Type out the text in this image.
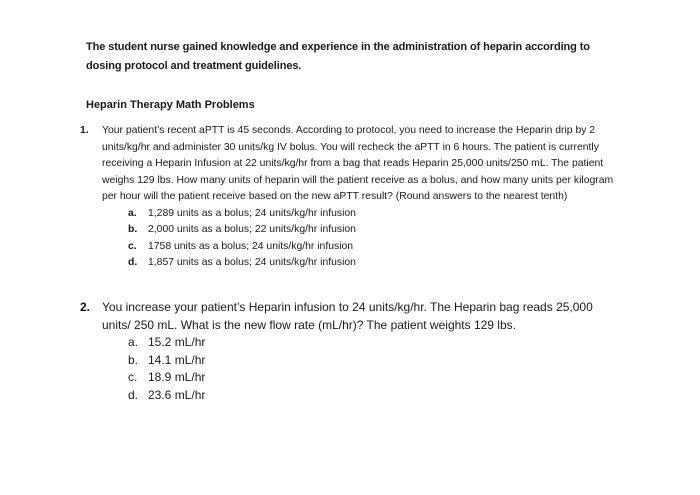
The student nurse gained knowledge and experience in the administration of heparin according to dosing protocol and treatment guidelines.
Heparin Therapy Math Problems
1.	Your patient’s recent aPTT is 45 seconds. According to protocol, you need to increase the Heparin drip by 2 units/kg/hr and administer 30 units/kg IV bolus. You will recheck the aPTT in 6 hours. The patient is currently receiving a Heparin Infusion at 22 units/kg/hr from a bag that reads Heparin 25,000 units/250 mL. The patient weighs 129 lbs. How many units of heparin will the patient receive as a bolus, and how many units per kilogram per hour will the patient receive based on the new aPTT result? (Round answers to the nearest tenth)
a. 1,289 units as a bolus; 24 units/kg/hr infusion
b. 2,000 units as a bolus; 22 units/kg/hr infusion
c. 1758 units as a bolus; 24 units/kg/hr infusion
d. 1,857 units as a bolus; 24 units/kg/hr infusion
2. You increase your patient’s Heparin infusion to 24 units/kg/hr. The Heparin bag reads 25,000 units/ 250 mL. What is the new flow rate (mL/hr)? The patient weights 129 lbs.
a. 15.2 mL/hr
b. 14.1 mL/hr
c. 18.9 mL/hr
d. 23.6 mL/hr
